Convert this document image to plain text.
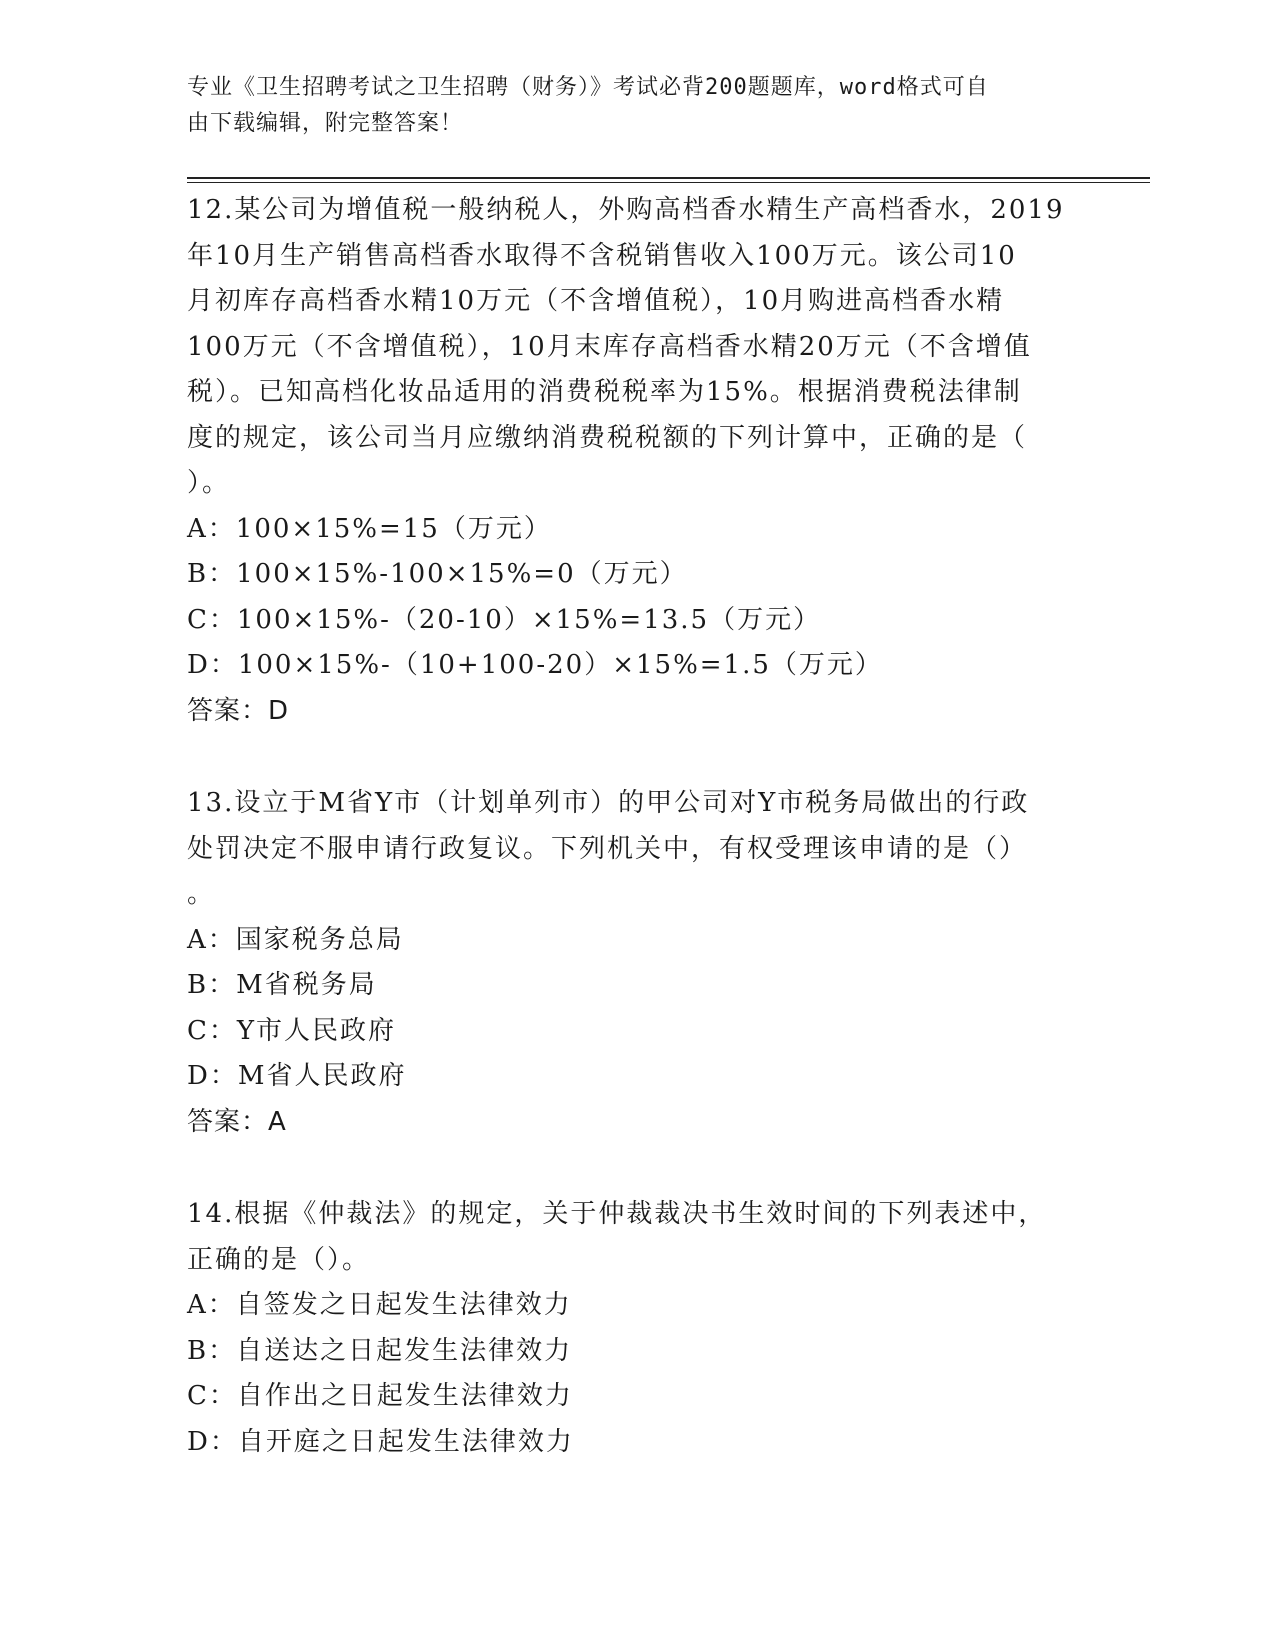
专业《卫生招聘考试之卫生招聘（财务）》考试必背200题题库，word格式可自
由下载编辑，附完整答案！
12.某公司为增值税一般纳税人，外购高档香水精生产高档香水，2019
年10月生产销售高档香水取得不含税销售收入100万元。该公司10
月初库存高档香水精10万元（不含增值税），10月购进高档香水精
100万元（不含增值税），10月末库存高档香水精20万元（不含增值
税）。已知高档化妆品适用的消费税税率为15%。根据消费税法律制
度的规定，该公司当月应缴纳消费税税额的下列计算中，正确的是（
）。
A：100×15%=15（万元）
B：100×15%-100×15%=0（万元）
C：100×15%-（20-10）×15%=13.5（万元）
D：100×15%-（10+100-20）×15%=1.5（万元）
答案：D
13.设立于M省Y市（计划单列市）的甲公司对Y市税务局做出的行政
处罚决定不服申请行政复议。下列机关中，有权受理该申请的是（）
。
A：国家税务总局
B：M省税务局
C：Y市人民政府
D：M省人民政府
答案：A
14.根据《仲裁法》的规定，关于仲裁裁决书生效时间的下列表述中，
正确的是（）。
A：自签发之日起发生法律效力
B：自送达之日起发生法律效力
C：自作出之日起发生法律效力
D：自开庭之日起发生法律效力
